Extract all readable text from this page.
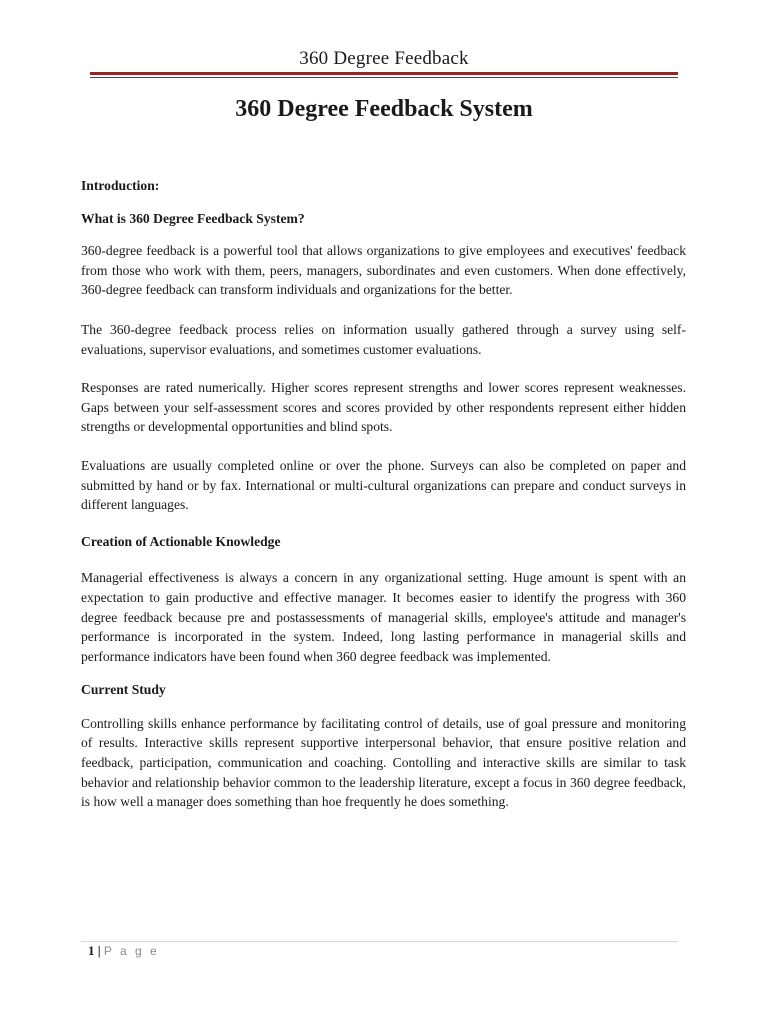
360 Degree Feedback
360 Degree Feedback System

Introduction:

What is 360 Degree Feedback System?

360-degree feedback is a powerful tool that allows organizations to give employees and executives' feedback from those who work with them, peers, managers, subordinates and even customers. When done effectively, 360-degree feedback can transform individuals and organizations for the better.

The 360-degree feedback process relies on information usually gathered through a survey using self-evaluations, supervisor evaluations, and sometimes customer evaluations.

Responses are rated numerically. Higher scores represent strengths and lower scores represent weaknesses. Gaps between your self-assessment scores and scores provided by other respondents represent either hidden strengths or developmental opportunities and blind spots.

Evaluations are usually completed online or over the phone. Surveys can also be completed on paper and submitted by hand or by fax. International or multi-cultural organizations can prepare and conduct surveys in different languages.

Creation of Actionable Knowledge

Managerial effectiveness is always a concern in any organizational setting. Huge amount is spent with an expectation to gain productive and effective manager. It becomes easier to identify the progress with 360 degree feedback because pre and postassessments of managerial skills, employee's attitude and manager's performance is incorporated in the system. Indeed, long lasting performance in managerial skills and performance indicators have been found when 360 degree feedback was implemented.

Current Study

Controlling skills enhance performance by facilitating control of details, use of goal pressure and monitoring of results. Interactive skills represent supportive interpersonal behavior, that ensure positive relation and feedback, participation, communication and coaching. Contolling and interactive skills are similar to task behavior and relationship behavior common to the leadership literature, except a focus in 360 degree feedback, is how well a manager does something than hoe frequently he does something.

1 | P a g e
